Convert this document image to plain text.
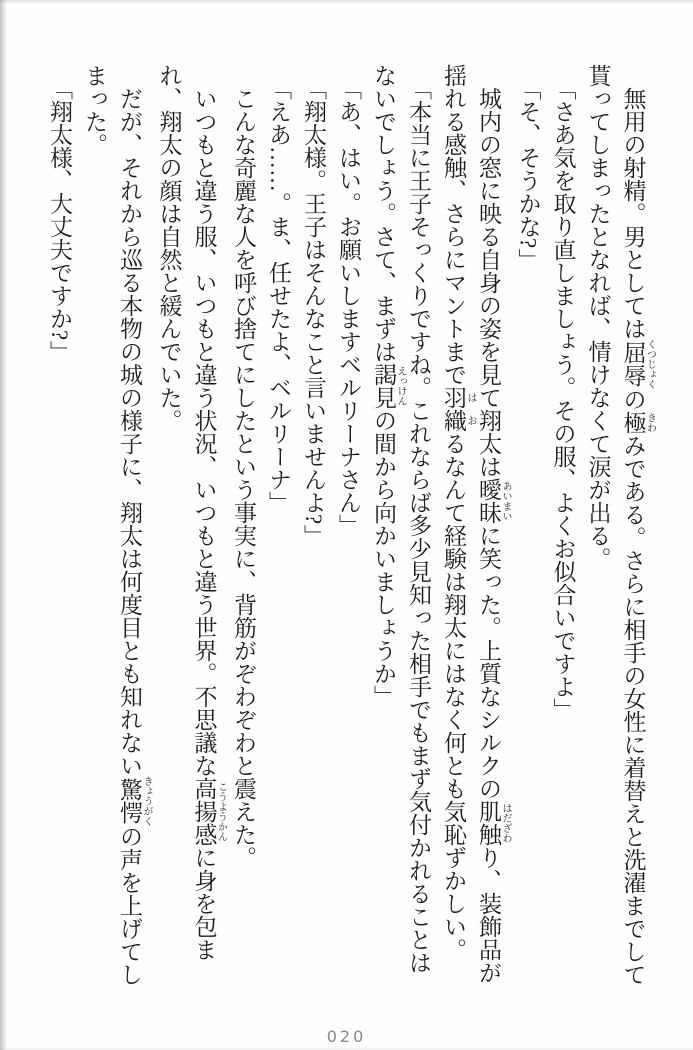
無用の射精。男としては屈辱 くつじょくの極 きわみである。さらに相手の女性に着替えと洗濯までして貰ってしまったとなれば、情けなくて涙が出る。

「さあ気を取り直しましょう。その服、よくお似合いですよ」

「そ、そうかな?」

城内の窓に映る自身の姿を見て翔太は曖昧 あいまいに笑った。上質なシルクの肌触 はだざわり、装飾品が揺れる感触、さらにマントまで羽 は織 おるなんて経験は翔太にはなく何とも気恥ずかしい。

「本当に王子そっくりですね。これならば多少見知った相手でもまず気付かれることはないでしょう。さて、まずは謁見 えっけんの間から向かいましょうか」

「あ、はい。お願いしますベルリーナさん」

「翔太様。王子はそんなこと言いませんよ?」

「えあ……。ま、任せたよ、ベルリーナ」

こんな奇麗な人を呼び捨てにしたという事実に、背筋がぞわぞわと震えた。

いつもと違う服、いつもと違う状況、いつもと違う世界。不思議な高揚感 こうようかんに身を包まれ、翔太の顔は自然と緩んでいた。

だが、それから巡る本物の城の様子に、翔太は何度目とも知れない驚愕 きょうがくの声を上げてしまった。

「翔太様、大丈夫ですか?」

020
